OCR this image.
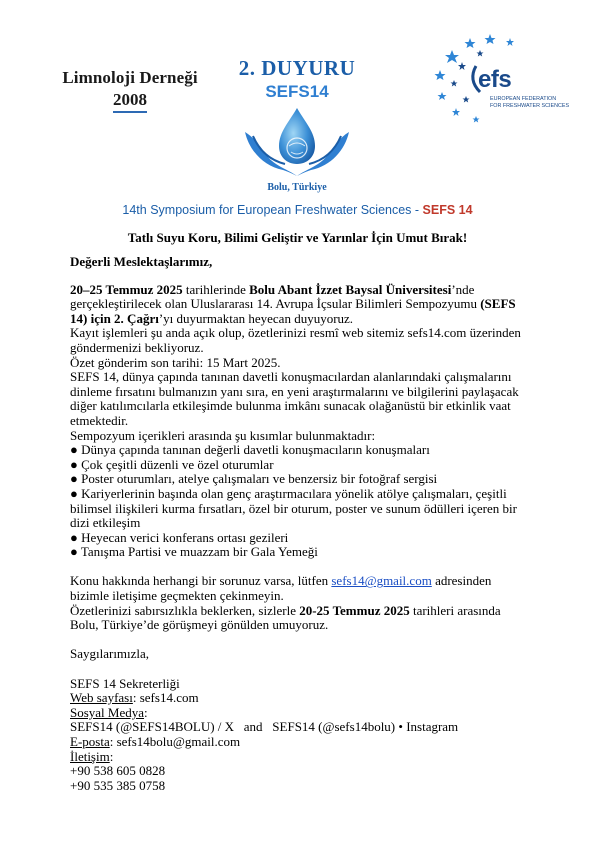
Limnoloji Derneği
2008
2. DUYURU
SEFS14
Bolu, Türkiye
efs
EUROPEAN FEDERATION
FOR FRESHWATER SCIENCES
14th Symposium for European Freshwater Sciences - SEFS 14
Tatlı Suyu Koru, Bilimi Geliştir ve Yarınlar İçin Umut Bırak!

Değerli Meslektaşlarımız,

20–25 Temmuz 2025 tarihlerinde Bolu Abant İzzet Baysal Üniversitesi’nde gerçekleştirilecek olan Uluslararası 14. Avrupa İçsular Bilimleri Sempozyumu (SEFS 14) için 2. Çağrı’yı duyurmaktan heyecan duyuyoruz.

Kayıt işlemleri şu anda açık olup, özetlerinizi resmî web sitemiz sefs14.com üzerinden göndermenizi bekliyoruz.

Özet gönderim son tarihi: 15 Mart 2025.

SEFS 14, dünya çapında tanınan davetli konuşmacılardan alanlarındaki çalışmalarını dinleme fırsatını bulmanızın yanı sıra, en yeni araştırmalarını ve bilgilerini paylaşacak diğer katılımcılarla etkileşimde bulunma imkânı sunacak olağanüstü bir etkinlik vaat etmektedir.

Sempozyum içerikleri arasında şu kısımlar bulunmaktadır:

● Dünya çapında tanınan değerli davetli konuşmacıların konuşmaları

● Çok çeşitli düzenli ve özel oturumlar

● Poster oturumları, atelye çalışmaları ve benzersiz bir fotoğraf sergisi

● Kariyerlerinin başında olan genç araştırmacılara yönelik atölye çalışmaları, çeşitli bilimsel ilişkileri kurma fırsatları, özel bir oturum, poster ve sunum ödülleri içeren bir dizi etkileşim

● Heyecan verici konferans ortası gezileri

● Tanışma Partisi ve muazzam bir Gala Yemeği

Konu hakkında herhangi bir sorunuz varsa, lütfen sefs14@gmail.com adresinden bizimle iletişime geçmekten çekinmeyin.

Özetlerinizi sabırsızlıkla beklerken, sizlerle 20-25 Temmuz 2025 tarihleri arasında Bolu, Türkiye’de görüşmeyi gönülden umuyoruz.

Saygılarımızla,

SEFS 14 Sekreterliği

Web sayfası: sefs14.com

Sosyal Medya:

SEFS14 (@SEFS14BOLU) / X   and   SEFS14 (@sefs14bolu) • Instagram

E-posta: sefs14bolu@gmail.com

İletişim:

+90 538 605 0828

+90 535 385 0758
